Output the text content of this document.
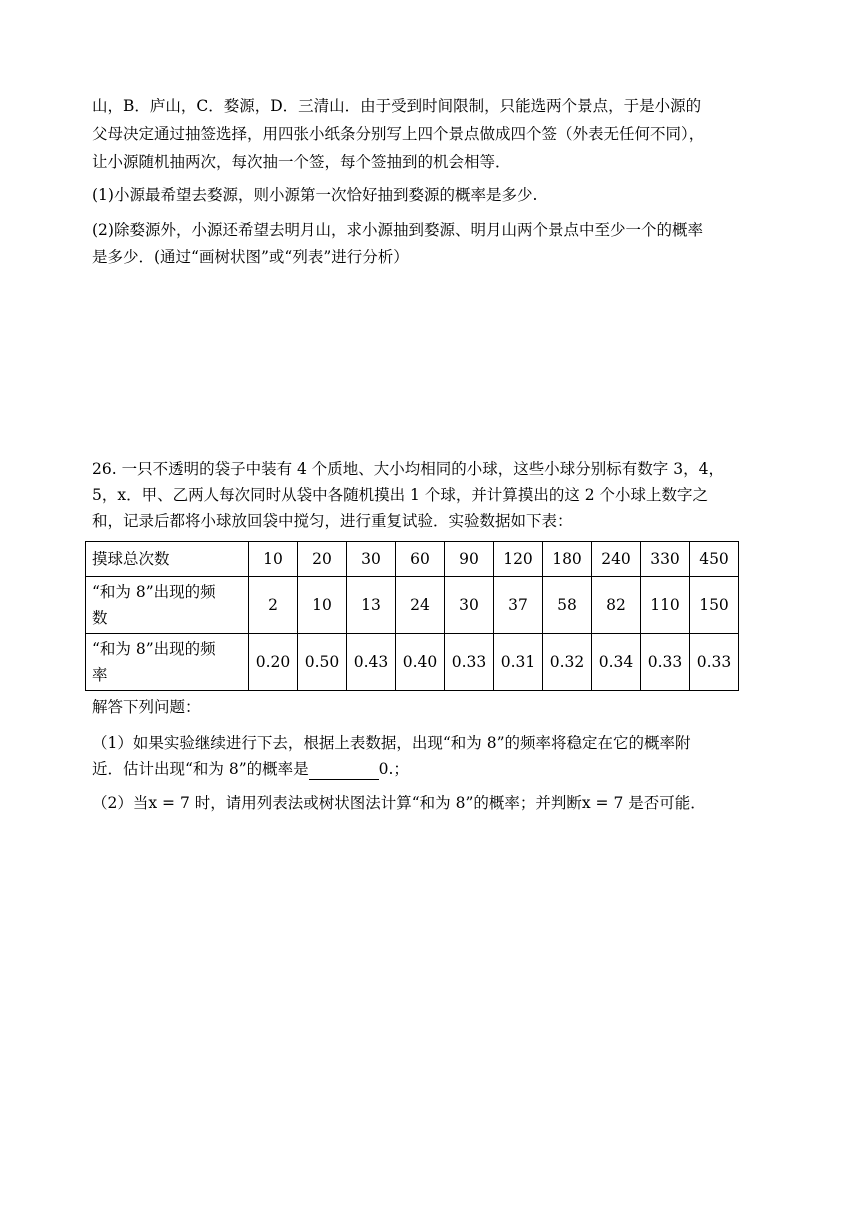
山，B．庐山，C．婺源，D．三清山．由于受到时间限制，只能选两个景点，于是小源的
父母决定通过抽签选择，用四张小纸条分别写上四个景点做成四个签（外表无任何不同），
让小源随机抽两次，每次抽一个签，每个签抽到的机会相等．
(1)小源最希望去婺源，则小源第一次恰好抽到婺源的概率是多少.
(2)除婺源外，小源还希望去明月山，求小源抽到婺源、明月山两个景点中至少一个的概率
是多少．(通过“画树状图”或“列表”进行分析）
26. 一只不透明的袋子中装有 4 个质地、大小均相同的小球，这些小球分别标有数字 3，4，
5，x．甲、乙两人每次同时从袋中各随机摸出 1 个球，并计算摸出的这 2 个小球上数字之
和，记录后都将小球放回袋中搅匀，进行重复试验．实验数据如下表：
摸球总次数	10	20	30	60	90	120	180	240	330	450
“和为 8”出现的频
数	2	10	13	24	30	37	58	82	110	150
“和为 8”出现的频
率	0.20	0.50	0.43	0.40	0.33	0.31	0.32	0.34	0.33	0.33
解答下列问题：
（1）如果实验继续进行下去，根据上表数据，出现“和为 8”的频率将稳定在它的概率附
近．估计出现“和为 8”的概率是	0.；
（2）当x = 7 时，请用列表法或树状图法计算“和为 8”的概率；并判断x = 7 是否可能．
